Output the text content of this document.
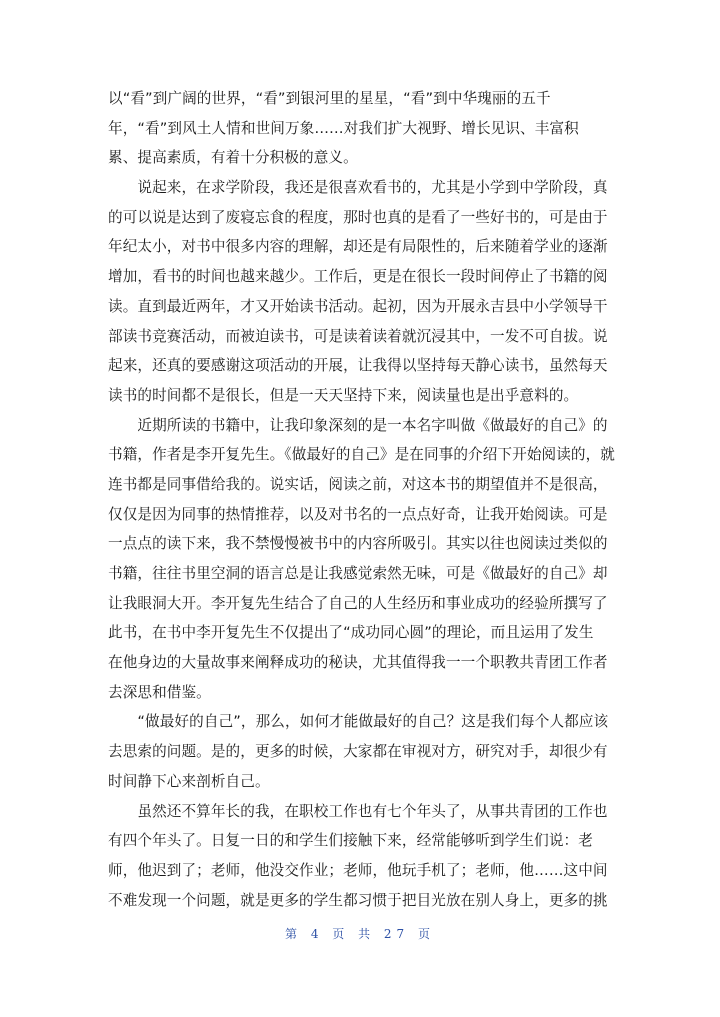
以“看”到广阔的世界，“看”到银河里的星星，“看”到中华瑰丽的五千
年，“看”到风土人情和世间万象……对我们扩大视野、增长见识、丰富积
累、提高素质，有着十分积极的意义。
　　说起来，在求学阶段，我还是很喜欢看书的，尤其是小学到中学阶段，真
的可以说是达到了废寝忘食的程度，那时也真的是看了一些好书的，可是由于
年纪太小，对书中很多内容的理解，却还是有局限性的，后来随着学业的逐渐
增加，看书的时间也越来越少。工作后，更是在很长一段时间停止了书籍的阅
读。直到最近两年，才又开始读书活动。起初，因为开展永吉县中小学领导干
部读书竞赛活动，而被迫读书，可是读着读着就沉浸其中，一发不可自拔。说
起来，还真的要感谢这项活动的开展，让我得以坚持每天静心读书，虽然每天
读书的时间都不是很长，但是一天天坚持下来，阅读量也是出乎意料的。
　　近期所读的书籍中，让我印象深刻的是一本名字叫做《做最好的自己》的
书籍，作者是李开复先生。《做最好的自己》是在同事的介绍下开始阅读的，就
连书都是同事借给我的。说实话，阅读之前，对这本书的期望值并不是很高，
仅仅是因为同事的热情推荐，以及对书名的一点点好奇，让我开始阅读。可是
一点点的读下来，我不禁慢慢被书中的内容所吸引。其实以往也阅读过类似的
书籍，往往书里空洞的语言总是让我感觉索然无味，可是《做最好的自己》却
让我眼洞大开。李开复先生结合了自己的人生经历和事业成功的经验所撰写了
此书，在书中李开复先生不仅提出了“成功同心圆”的理论，而且运用了发生
在他身边的大量故事来阐释成功的秘诀，尤其值得我一一个职教共青团工作者
去深思和借鉴。
　　“做最好的自己”，那么，如何才能做最好的自己？这是我们每个人都应该
去思索的问题。是的，更多的时候，大家都在审视对方，研究对手，却很少有
时间静下心来剖析自己。
　　虽然还不算年长的我，在职校工作也有七个年头了，从事共青团的工作也
有四个年头了。日复一日的和学生们接触下来，经常能够听到学生们说：老
师，他迟到了；老师，他没交作业；老师，他玩手机了；老师，他……这中间
不难发现一个问题，就是更多的学生都习惯于把目光放在别人身上，更多的挑
第 4 页 共 27 页
